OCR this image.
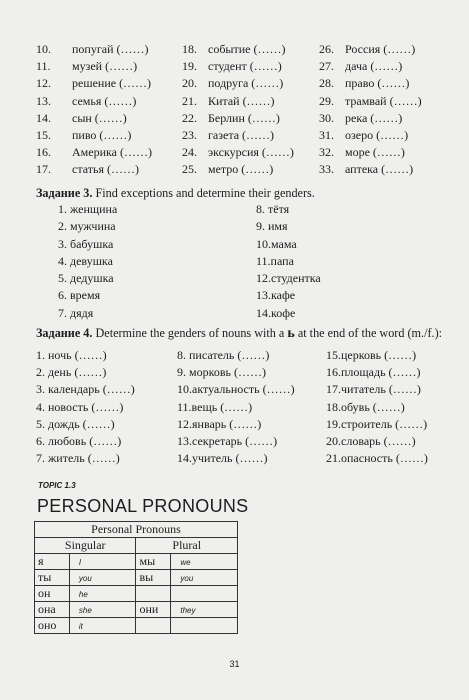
10. попугай (……)	18. событие (……)	26. Россия (……)
11. музей (……)	19. студент (……)	27. дача (……)
12. решение (……)	20. подруга (……)	28. право (……)
13. семья (……)	21. Китай (……)	29. трамвай (……)
14. сын (……)	22. Берлин (……)	30. река (……)
15. пиво (……)	23. газета (……)	31. озеро (……)
16. Америка (……)	24. экскурсия (……) 32. море (……)
17. статья (……)	25. метро (……)	33. аптека (……)
Задание 3. Find exceptions and determine their genders.
1. женщина
2. мужчина
3. бабушка
4. девушка
5. дедушка
6. время
7. дядя
8. тётя
9. имя
10.мама
11.папа
12.студентка
13.кафе
14.кофе
Задание 4. Determine the genders of nouns with a ь at the end of the word (m./f.):
1. ночь (……)	8. писатель (……)	15.церковь (……)
2. день (……)	9. морковь (……)	16.площадь (……)
3. календарь (……)	10.актуальность (……)	17.читатель (……)
4. новость (……)	11.вещь (……)	18.обувь (……)
5. дождь (……)	12.январь (……)	19.строитель (……)
6. любовь (……)	13.секретарь (……)	20.словарь (……)
7. житель (……)	14.учитель (……)	21.опасность (……)
TOPIC 1.3
PERSONAL PRONOUNS
Personal Pronouns			
Singular		Plural	
я	I	мы	we
ты	you	вы	you
он	he		
она	she	они	they
оно	it		
31
